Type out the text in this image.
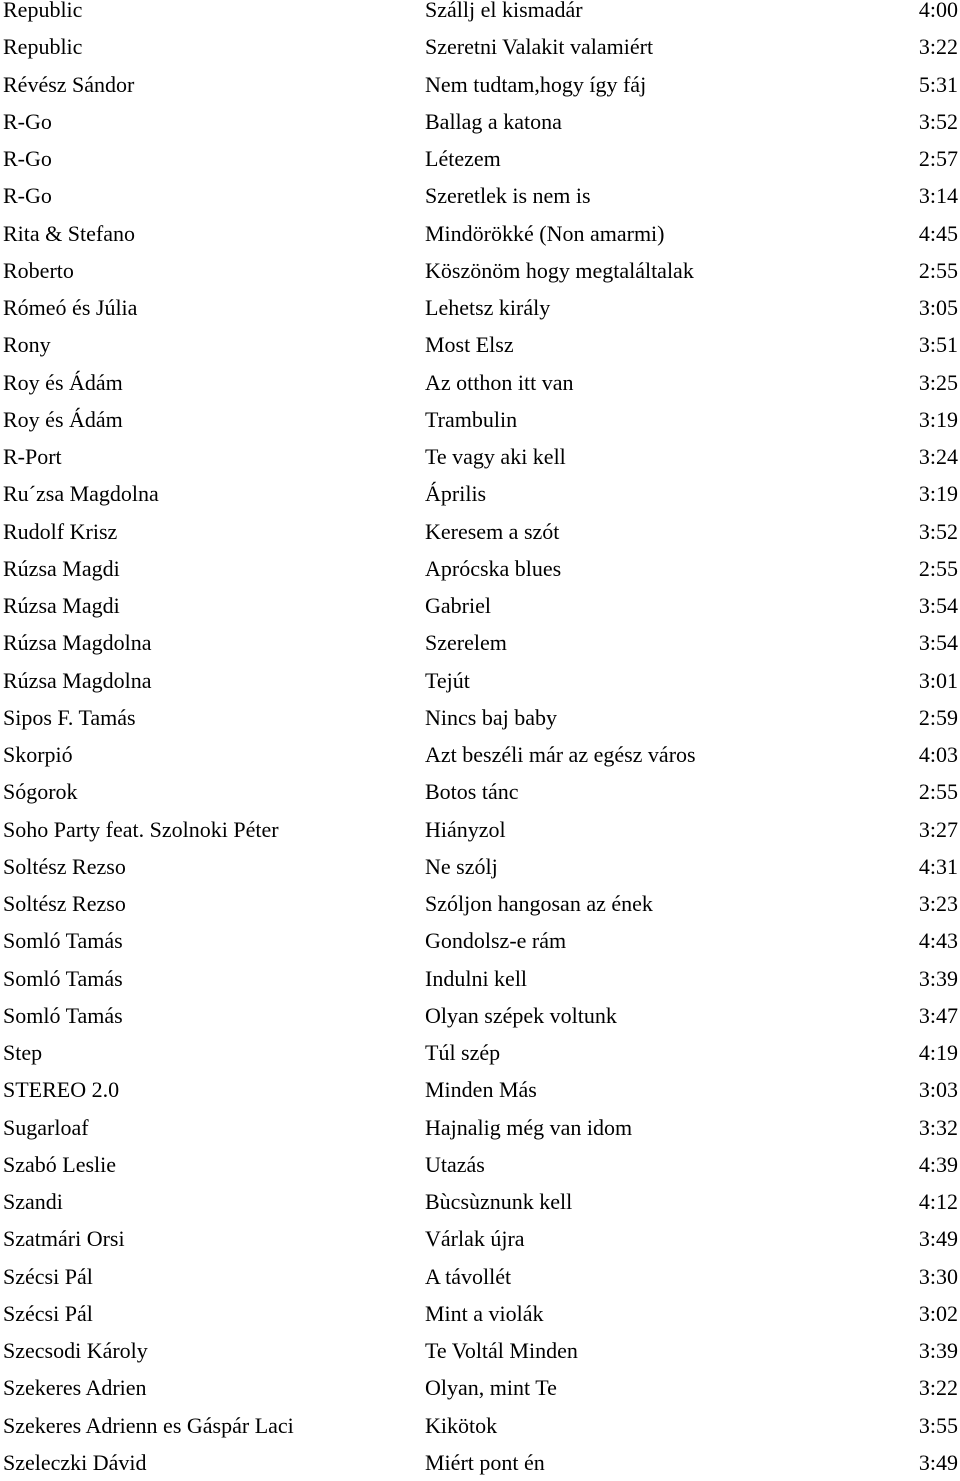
Republic	Szállj el kismadár	4:00
Republic	Szeretni Valakit valamiért	3:22
Révész Sándor	Nem tudtam,hogy így fáj	5:31
R-Go	Ballag a katona	3:52
R-Go	Létezem	2:57
R-Go	Szeretlek is nem is	3:14
Rita & Stefano	Mindörökké (Non amarmi)	4:45
Roberto	Köszönöm hogy megtaláltalak	2:55
Rómeó és Júlia	Lehetsz király	3:05
Rony	Most Elsz	3:51
Roy és Ádám	Az otthon itt van	3:25
Roy és Ádám	Trambulin	3:19
R-Port	Te vagy aki kell	3:24
Ru´zsa Magdolna	Április	3:19
Rudolf Krisz	Keresem a szót	3:52
Rúzsa Magdi	Aprócska blues	2:55
Rúzsa Magdi	Gabriel	3:54
Rúzsa Magdolna	Szerelem	3:54
Rúzsa Magdolna	Tejút	3:01
Sipos F. Tamás	Nincs baj baby	2:59
Skorpió	Azt beszéli már az egész város	4:03
Sógorok	Botos tánc	2:55
Soho Party feat. Szolnoki Péter	Hiányzol	3:27
Soltész Rezso	Ne szólj	4:31
Soltész Rezso	Szóljon hangosan az ének	3:23
Somló Tamás	Gondolsz-e rám	4:43
Somló Tamás	Indulni kell	3:39
Somló Tamás	Olyan szépek voltunk	3:47
Step	Túl szép	4:19
STEREO 2.0	Minden Más	3:03
Sugarloaf	Hajnalig még van idom	3:32
Szabó Leslie	Utazás	4:39
Szandi	Bùcsùznunk kell	4:12
Szatmári Orsi	Várlak újra	3:49
Szécsi Pál	A távollét	3:30
Szécsi Pál	Mint a violák	3:02
Szecsodi Károly	Te Voltál Minden	3:39
Szekeres Adrien	Olyan, mint Te	3:22
Szekeres Adrienn es Gáspár Laci	Kikötok	3:55
Szeleczki Dávid	Miért pont én	3:49
